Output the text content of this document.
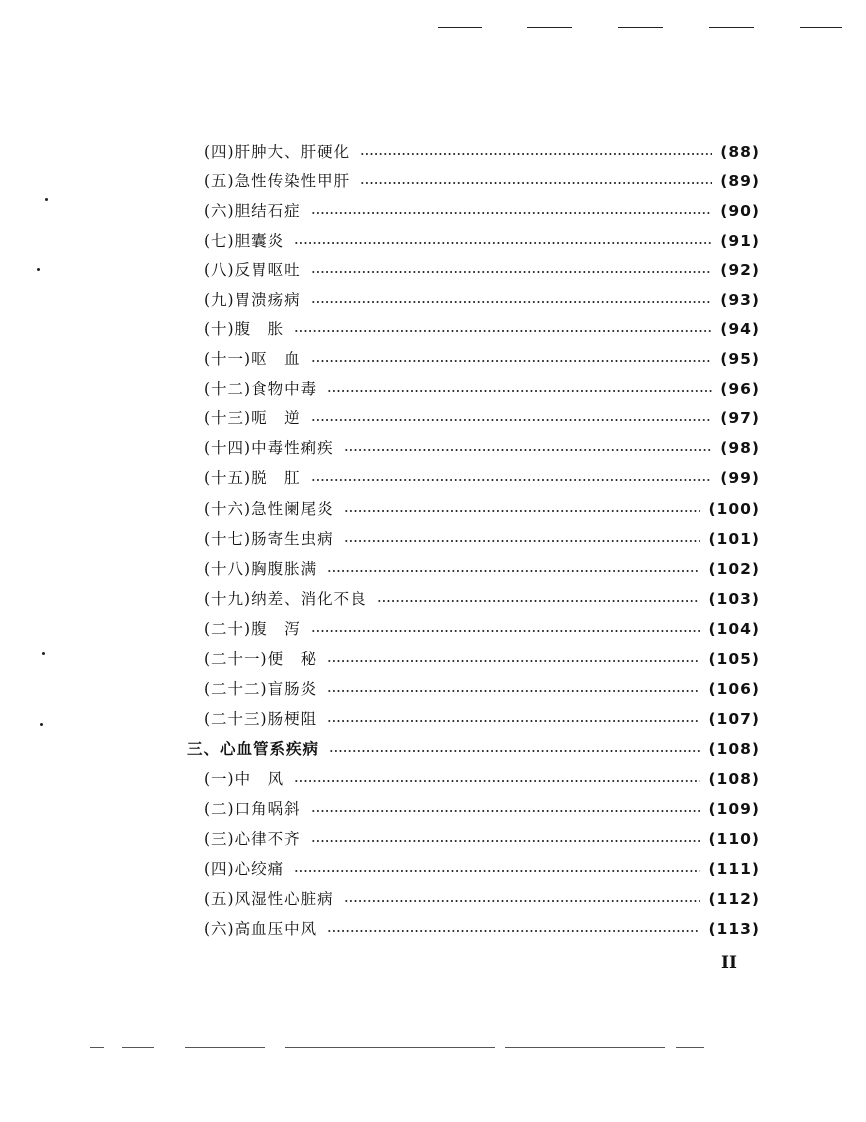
(四)肝肿大、肝硬化	(88)
(五)急性传染性甲肝	(89)
(六)胆结石症	(90)
(七)胆囊炎	(91)
(八)反胃呕吐	(92)
(九)胃溃疡病	(93)
(十)腹　胀	(94)
(十一)呕　血	(95)
(十二)食物中毒	(96)
(十三)呃　逆	(97)
(十四)中毒性痢疾	(98)
(十五)脱　肛	(99)
(十六)急性阑尾炎	(100)
(十七)肠寄生虫病	(101)
(十八)胸腹胀满	(102)
(十九)纳差、消化不良	(103)
(二十)腹　泻	(104)
(二十一)便　秘	(105)
(二十二)盲肠炎	(106)
(二十三)肠梗阻	(107)
三、心血管系疾病	(108)
(一)中　风	(108)
(二)口角㖞斜	(109)
(三)心律不齐	(110)
(四)心绞痛	(111)
(五)风湿性心脏病	(112)
(六)高血压中风	(113)
II
